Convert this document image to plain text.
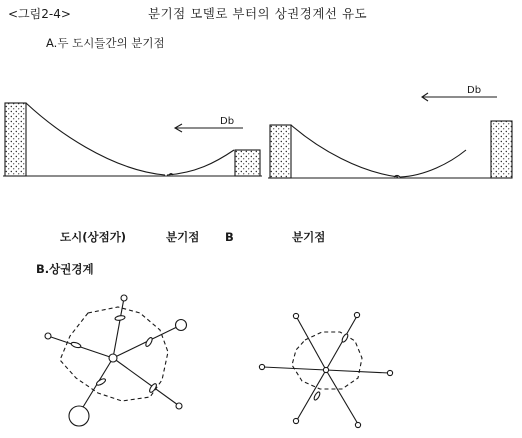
<그림2-4>	분기점 모델로 부터의 상권경계선 유도
A.두 도시들간의 분기점
도시(상점가)	분기점 B	분기점
B.상권경계
Db
Db
